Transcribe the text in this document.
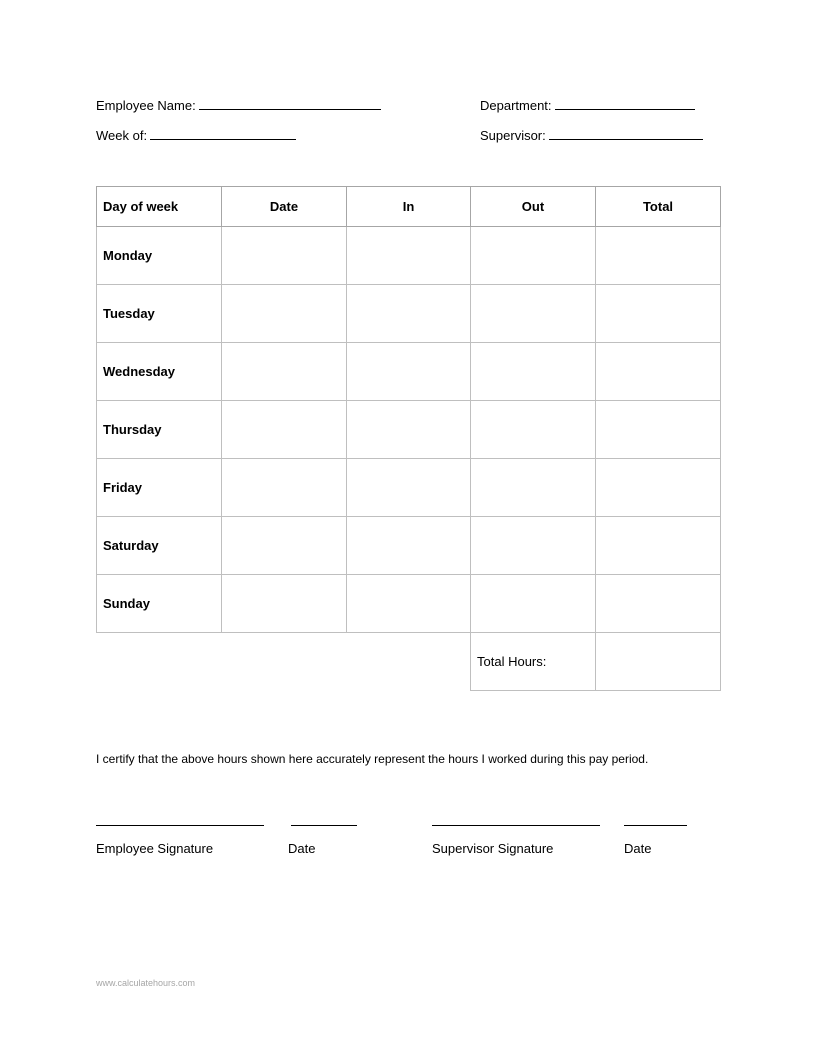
Employee Name:	Department:
Week of:	Supervisor:
Day of week	Date	In	Out	Total
Monday				
Tuesday				
Wednesday				
Thursday				
Friday				
Saturday				
Sunday				
			Total Hours:	
I certify that the above hours shown here accurately represent the hours I worked during this pay period.
Employee Signature	Date	Supervisor Signature	Date
www.calculatehours.com
